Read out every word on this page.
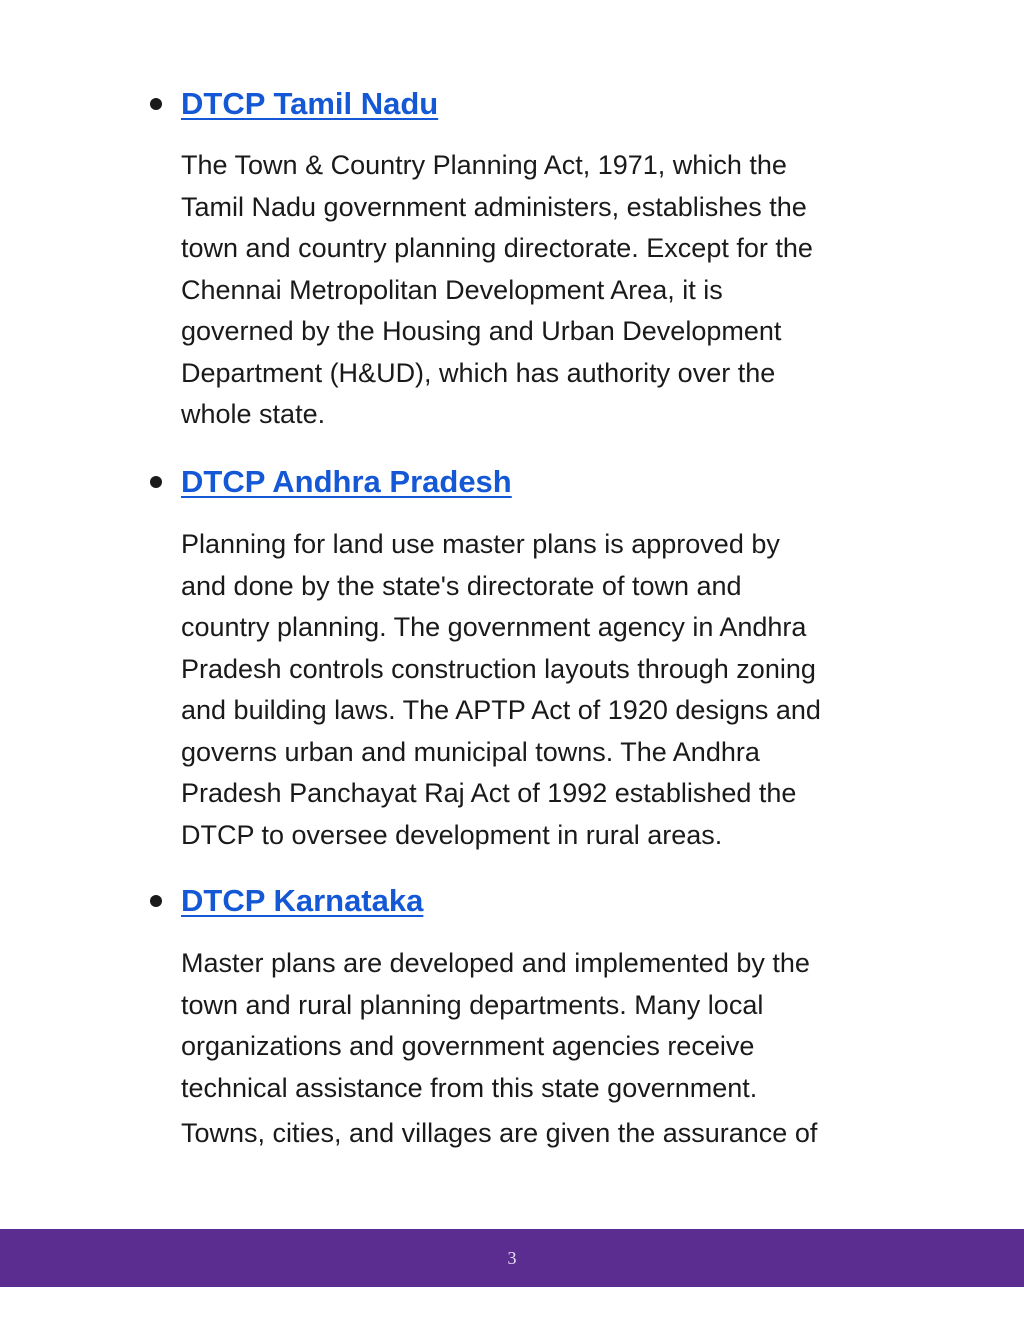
DTCP Tamil Nadu

The Town & Country Planning Act, 1971, which the
Tamil Nadu government administers, establishes the
town and country planning directorate. Except for the
Chennai Metropolitan Development Area, it is
governed by the Housing and Urban Development
Department (H&UD), which has authority over the
whole state.

DTCP Andhra Pradesh

Planning for land use master plans is approved by
and done by the state's directorate of town and
country planning. The government agency in Andhra
Pradesh controls construction layouts through zoning
and building laws. The APTP Act of 1920 designs and
governs urban and municipal towns. The Andhra
Pradesh Panchayat Raj Act of 1992 established the
DTCP to oversee development in rural areas.

DTCP Karnataka

Master plans are developed and implemented by the
town and rural planning departments. Many local
organizations and government agencies receive
technical assistance from this state government.
Towns, cities, and villages are given the assurance of

3
